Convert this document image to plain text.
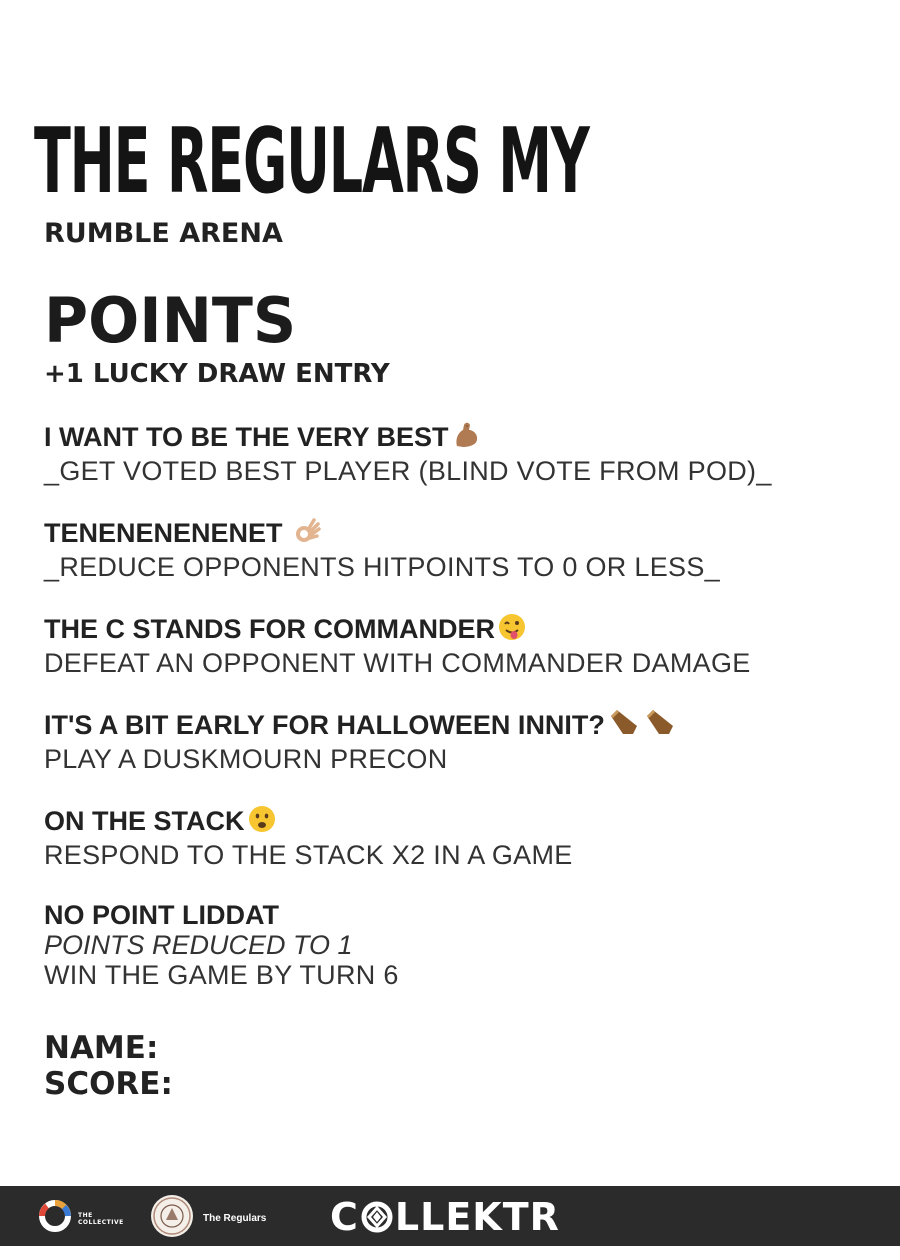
THE REGULARS MY
RUMBLE ARENA
POINTS
+1 LUCKY DRAW ENTRY
I WANT TO BE THE VERY BEST
_GET VOTED BEST PLAYER (BLIND VOTE FROM POD)_
TENENENENENET
_REDUCE OPPONENTS HITPOINTS TO 0 OR LESS_
THE C STANDS FOR COMMANDER
DEFEAT AN OPPONENT WITH COMMANDER DAMAGE
IT'S A BIT EARLY FOR HALLOWEEN INNIT?
PLAY A DUSKMOURN PRECON
ON THE STACK
RESPOND TO THE STACK X2 IN A GAME
NO POINT LIDDAT
POINTS REDUCED TO 1
WIN THE GAME BY TURN 6
NAME:
SCORE:
THE
COLLECTIVE	The Regulars C LLEKTR
